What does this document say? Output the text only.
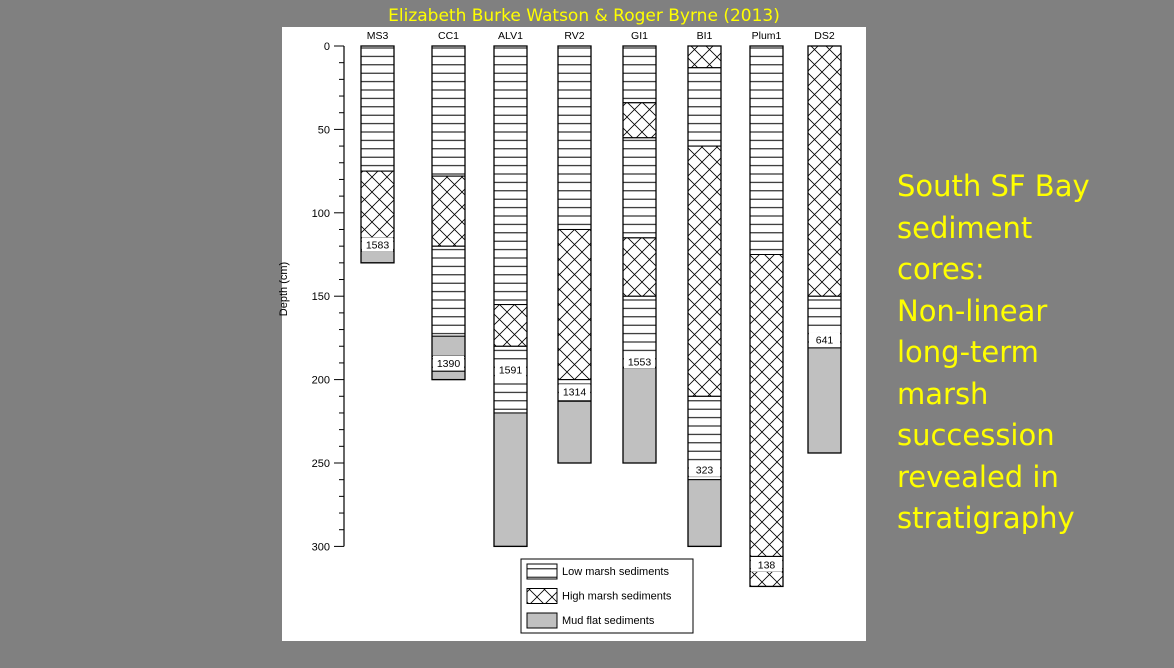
Elizabeth Burke Watson & Roger Byrne (2013)
0
50
100
150
200
250
300
Depth (cm)
MS3
1583
CC1
1390
ALV1
1591
RV2
1314
GI1
1553
BI1
323
Plum1
138
DS2
641
Low marsh sediments
High marsh sediments
Mud flat sediments
South SF Bay
sediment
cores:
Non-linear
long-term
marsh
succession
revealed in
stratigraphy
